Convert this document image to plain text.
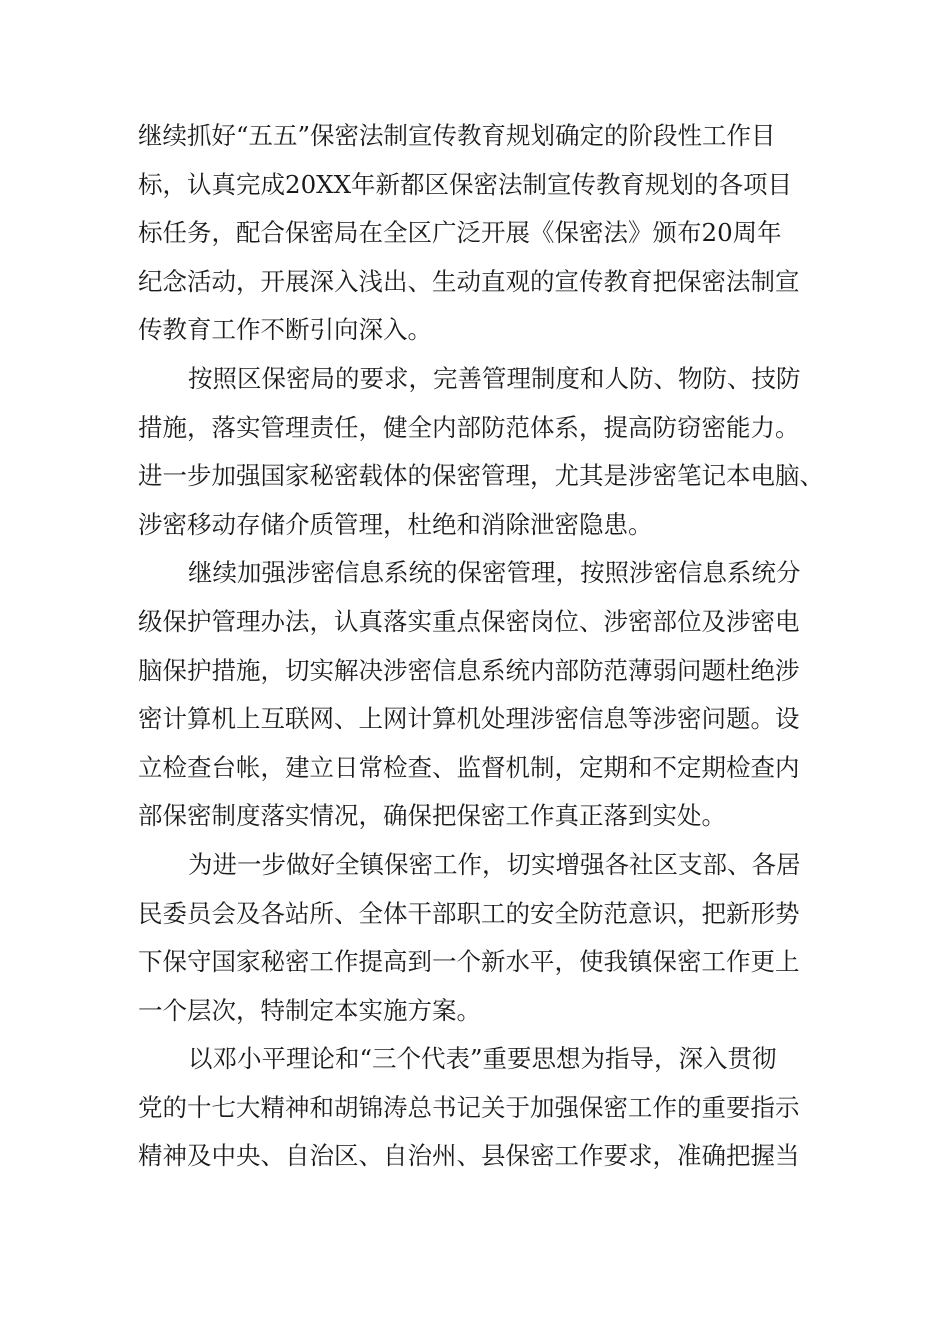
继续抓好“五五”保密法制宣传教育规划确定的阶段性工作目
标，认真完成20XX年新都区保密法制宣传教育规划的各项目
标任务，配合保密局在全区广泛开展《保密法》颁布20周年
纪念活动，开展深入浅出、生动直观的宣传教育把保密法制宣
传教育工作不断引向深入。

按照区保密局的要求，完善管理制度和人防、物防、技防
措施，落实管理责任，健全内部防范体系，提高防窃密能力。
进一步加强国家秘密载体的保密管理，尤其是涉密笔记本电脑、
涉密移动存储介质管理，杜绝和消除泄密隐患。

继续加强涉密信息系统的保密管理，按照涉密信息系统分
级保护管理办法，认真落实重点保密岗位、涉密部位及涉密电
脑保护措施，切实解决涉密信息系统内部防范薄弱问题杜绝涉
密计算机上互联网、上网计算机处理涉密信息等涉密问题。设
立检查台帐，建立日常检查、监督机制，定期和不定期检查内
部保密制度落实情况，确保把保密工作真正落到实处。

为进一步做好全镇保密工作，切实增强各社区支部、各居
民委员会及各站所、全体干部职工的安全防范意识，把新形势
下保守国家秘密工作提高到一个新水平，使我镇保密工作更上
一个层次，特制定本实施方案。

以邓小平理论和“三个代表”重要思想为指导，深入贯彻
党的十七大精神和胡锦涛总书记关于加强保密工作的重要指示
精神及中央、自治区、自治州、县保密工作要求，准确把握当
